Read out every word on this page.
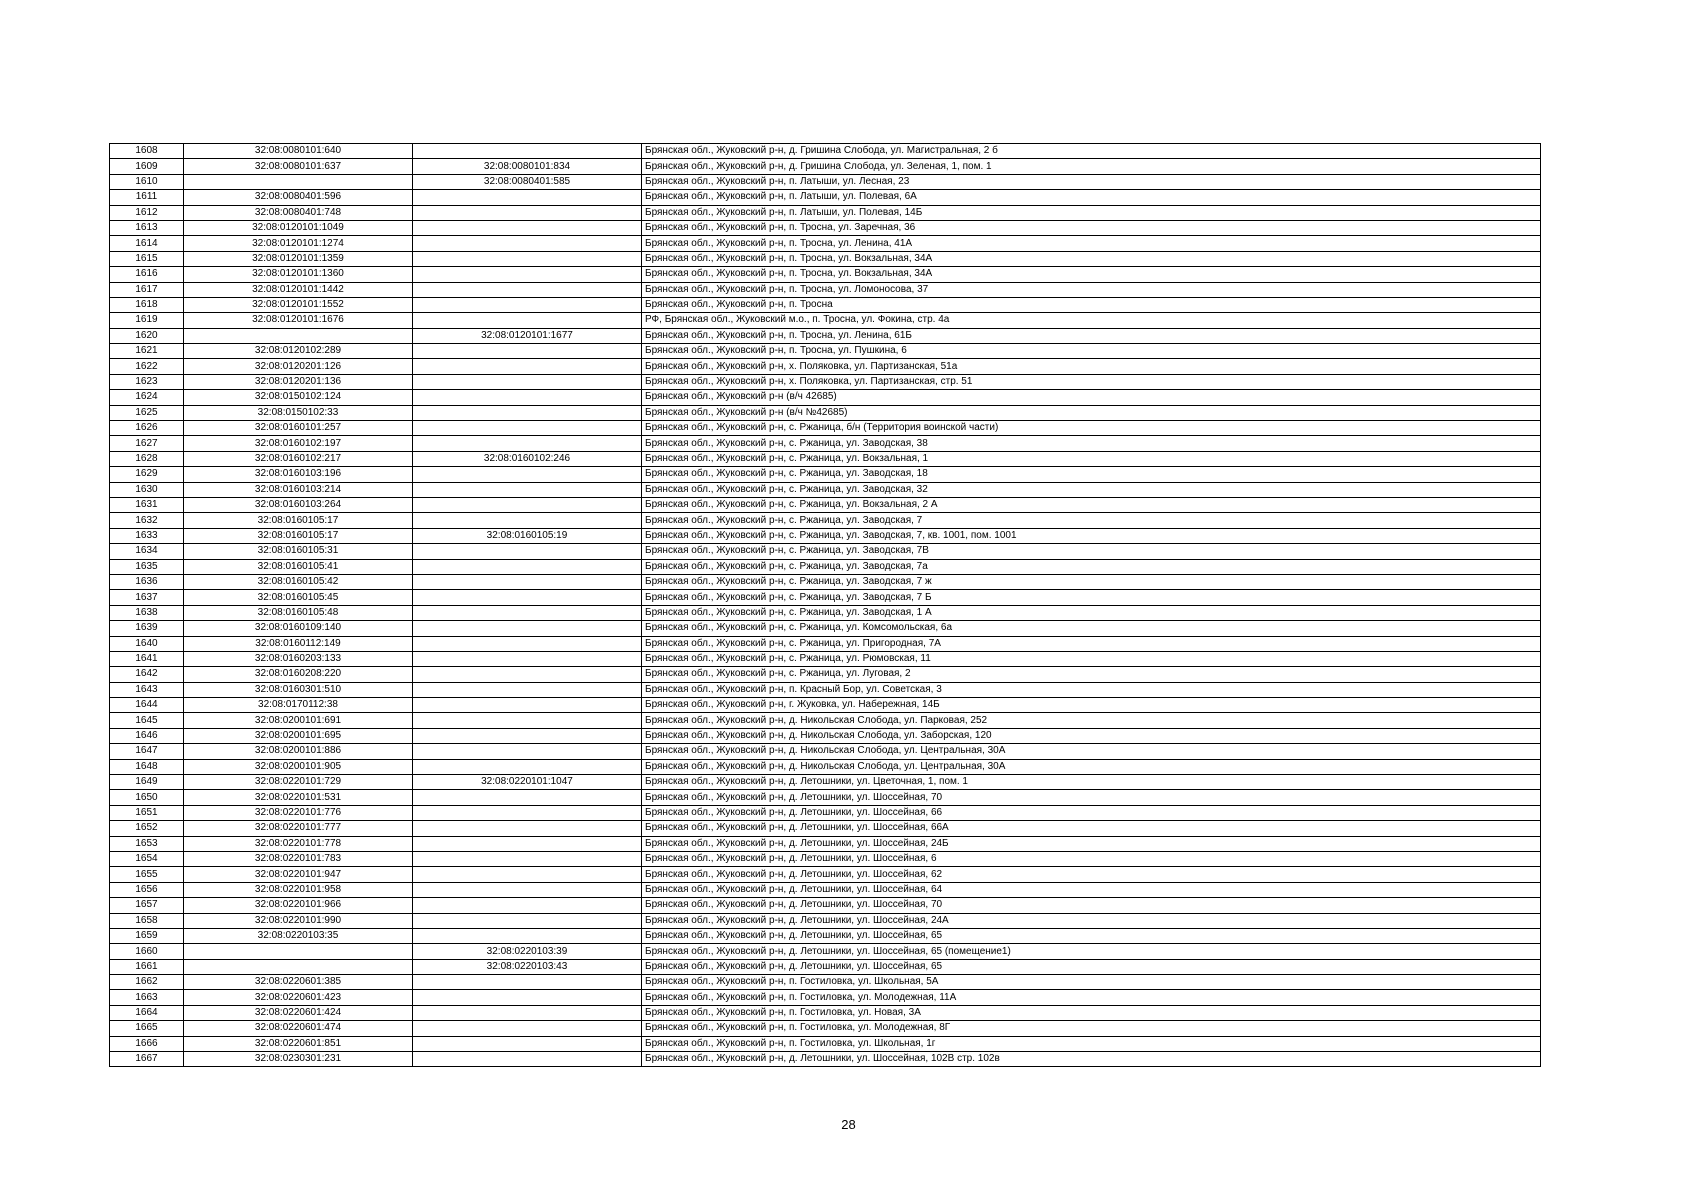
1608	32:08:0080101:640		Брянская обл., Жуковский р-н, д. Гришина Слобода, ул. Магистральная, 2 б
1609	32:08:0080101:637	32:08:0080101:834	Брянская обл., Жуковский р-н, д. Гришина Слобода, ул. Зеленая, 1, пом. 1
1610		32:08:0080401:585	Брянская обл., Жуковский р-н, п. Латыши, ул. Лесная, 23
1611	32:08:0080401:596		Брянская обл., Жуковский р-н, п. Латыши, ул. Полевая, 6А
1612	32:08:0080401:748		Брянская обл., Жуковский р-н, п. Латыши, ул. Полевая, 14Б
1613	32:08:0120101:1049		Брянская обл., Жуковский р-н, п. Тросна, ул. Заречная, 36
1614	32:08:0120101:1274		Брянская обл., Жуковский р-н, п. Тросна, ул. Ленина, 41А
1615	32:08:0120101:1359		Брянская обл., Жуковский р-н, п. Тросна, ул. Вокзальная, 34А
1616	32:08:0120101:1360		Брянская обл., Жуковский р-н, п. Тросна, ул. Вокзальная, 34А
1617	32:08:0120101:1442		Брянская обл., Жуковский р-н, п. Тросна, ул. Ломоносова, 37
1618	32:08:0120101:1552		Брянская обл., Жуковский р-н, п. Тросна
1619	32:08:0120101:1676		РФ, Брянская обл., Жуковский м.о., п. Тросна, ул. Фокина, стр. 4а
1620		32:08:0120101:1677	Брянская обл., Жуковский р-н, п. Тросна, ул. Ленина, 61Б
1621	32:08:0120102:289		Брянская обл., Жуковский р-н, п. Тросна, ул. Пушкина, 6
1622	32:08:0120201:126		Брянская обл., Жуковский р-н, х. Поляковка, ул. Партизанская, 51а
1623	32:08:0120201:136		Брянская обл., Жуковский р-н, х. Поляковка, ул. Партизанская, стр. 51
1624	32:08:0150102:124		Брянская обл., Жуковский р-н (в/ч 42685)
1625	32:08:0150102:33		Брянская обл., Жуковский р-н (в/ч №42685)
1626	32:08:0160101:257		Брянская обл., Жуковский р-н, с. Ржаница, б/н (Территория воинской части)
1627	32:08:0160102:197		Брянская обл., Жуковский р-н, с. Ржаница, ул. Заводская, 38
1628	32:08:0160102:217	32:08:0160102:246	Брянская обл., Жуковский р-н, с. Ржаница, ул. Вокзальная, 1
1629	32:08:0160103:196		Брянская обл., Жуковский р-н, с. Ржаница, ул. Заводская, 18
1630	32:08:0160103:214		Брянская обл., Жуковский р-н, с. Ржаница, ул. Заводская, 32
1631	32:08:0160103:264		Брянская обл., Жуковский р-н, с. Ржаница, ул. Вокзальная, 2 А
1632	32:08:0160105:17		Брянская обл., Жуковский р-н, с. Ржаница, ул. Заводская, 7
1633	32:08:0160105:17	32:08:0160105:19	Брянская обл., Жуковский р-н, с. Ржаница, ул. Заводская, 7, кв. 1001, пом. 1001
1634	32:08:0160105:31		Брянская обл., Жуковский р-н, с. Ржаница, ул. Заводская, 7В
1635	32:08:0160105:41		Брянская обл., Жуковский р-н, с. Ржаница, ул. Заводская, 7а
1636	32:08:0160105:42		Брянская обл., Жуковский р-н, с. Ржаница, ул. Заводская, 7 ж
1637	32:08:0160105:45		Брянская обл., Жуковский р-н, с. Ржаница, ул. Заводская, 7 Б
1638	32:08:0160105:48		Брянская обл., Жуковский р-н, с. Ржаница, ул. Заводская, 1 А
1639	32:08:0160109:140		Брянская обл., Жуковский р-н, с. Ржаница, ул. Комсомольская, 6а
1640	32:08:0160112:149		Брянская обл., Жуковский р-н, с. Ржаница, ул. Пригородная, 7А
1641	32:08:0160203:133		Брянская обл., Жуковский р-н, с. Ржаница, ул. Рюмовская, 11
1642	32:08:0160208:220		Брянская обл., Жуковский р-н, с. Ржаница, ул. Луговая, 2
1643	32:08:0160301:510		Брянская обл., Жуковский р-н, п. Красный Бор, ул. Советская, 3
1644	32:08:0170112:38		Брянская обл., Жуковский р-н, г. Жуковка, ул. Набережная, 14Б
1645	32:08:0200101:691		Брянская обл., Жуковский р-н, д. Никольская Слобода, ул. Парковая, 252
1646	32:08:0200101:695		Брянская обл., Жуковский р-н, д. Никольская Слобода, ул. Заборская, 120
1647	32:08:0200101:886		Брянская обл., Жуковский р-н, д. Никольская Слобода, ул. Центральная, 30А
1648	32:08:0200101:905		Брянская обл., Жуковский р-н, д. Никольская Слобода, ул. Центральная, 30А
1649	32:08:0220101:729	32:08:0220101:1047	Брянская обл., Жуковский р-н, д. Летошники, ул. Цветочная, 1, пом. 1
1650	32:08:0220101:531		Брянская обл., Жуковский р-н, д. Летошники, ул. Шоссейная, 70
1651	32:08:0220101:776		Брянская обл., Жуковский р-н, д. Летошники, ул. Шоссейная, 66
1652	32:08:0220101:777		Брянская обл., Жуковский р-н, д. Летошники, ул. Шоссейная, 66А
1653	32:08:0220101:778		Брянская обл., Жуковский р-н, д. Летошники, ул. Шоссейная, 24Б
1654	32:08:0220101:783		Брянская обл., Жуковский р-н, д. Летошники, ул. Шоссейная, 6
1655	32:08:0220101:947		Брянская обл., Жуковский р-н, д. Летошники, ул. Шоссейная, 62
1656	32:08:0220101:958		Брянская обл., Жуковский р-н, д. Летошники, ул. Шоссейная, 64
1657	32:08:0220101:966		Брянская обл., Жуковский р-н, д. Летошники, ул. Шоссейная, 70
1658	32:08:0220101:990		Брянская обл., Жуковский р-н, д. Летошники, ул. Шоссейная, 24А
1659	32:08:0220103:35		Брянская обл., Жуковский р-н, д. Летошники, ул. Шоссейная, 65
1660		32:08:0220103:39	Брянская обл., Жуковский р-н, д. Летошники, ул. Шоссейная, 65 (помещение1)
1661		32:08:0220103:43	Брянская обл., Жуковский р-н, д. Летошники, ул. Шоссейная, 65
1662	32:08:0220601:385		Брянская обл., Жуковский р-н, п. Гостиловка, ул. Школьная, 5А
1663	32:08:0220601:423		Брянская обл., Жуковский р-н, п. Гостиловка, ул. Молодежная, 11А
1664	32:08:0220601:424		Брянская обл., Жуковский р-н, п. Гостиловка, ул. Новая, 3А
1665	32:08:0220601:474		Брянская обл., Жуковский р-н, п. Гостиловка, ул. Молодежная, 8Г
1666	32:08:0220601:851		Брянская обл., Жуковский р-н, п. Гостиловка, ул. Школьная, 1г
1667	32:08:0230301:231		Брянская обл., Жуковский р-н, д. Летошники, ул. Шоссейная, 102В стр. 102в
28
